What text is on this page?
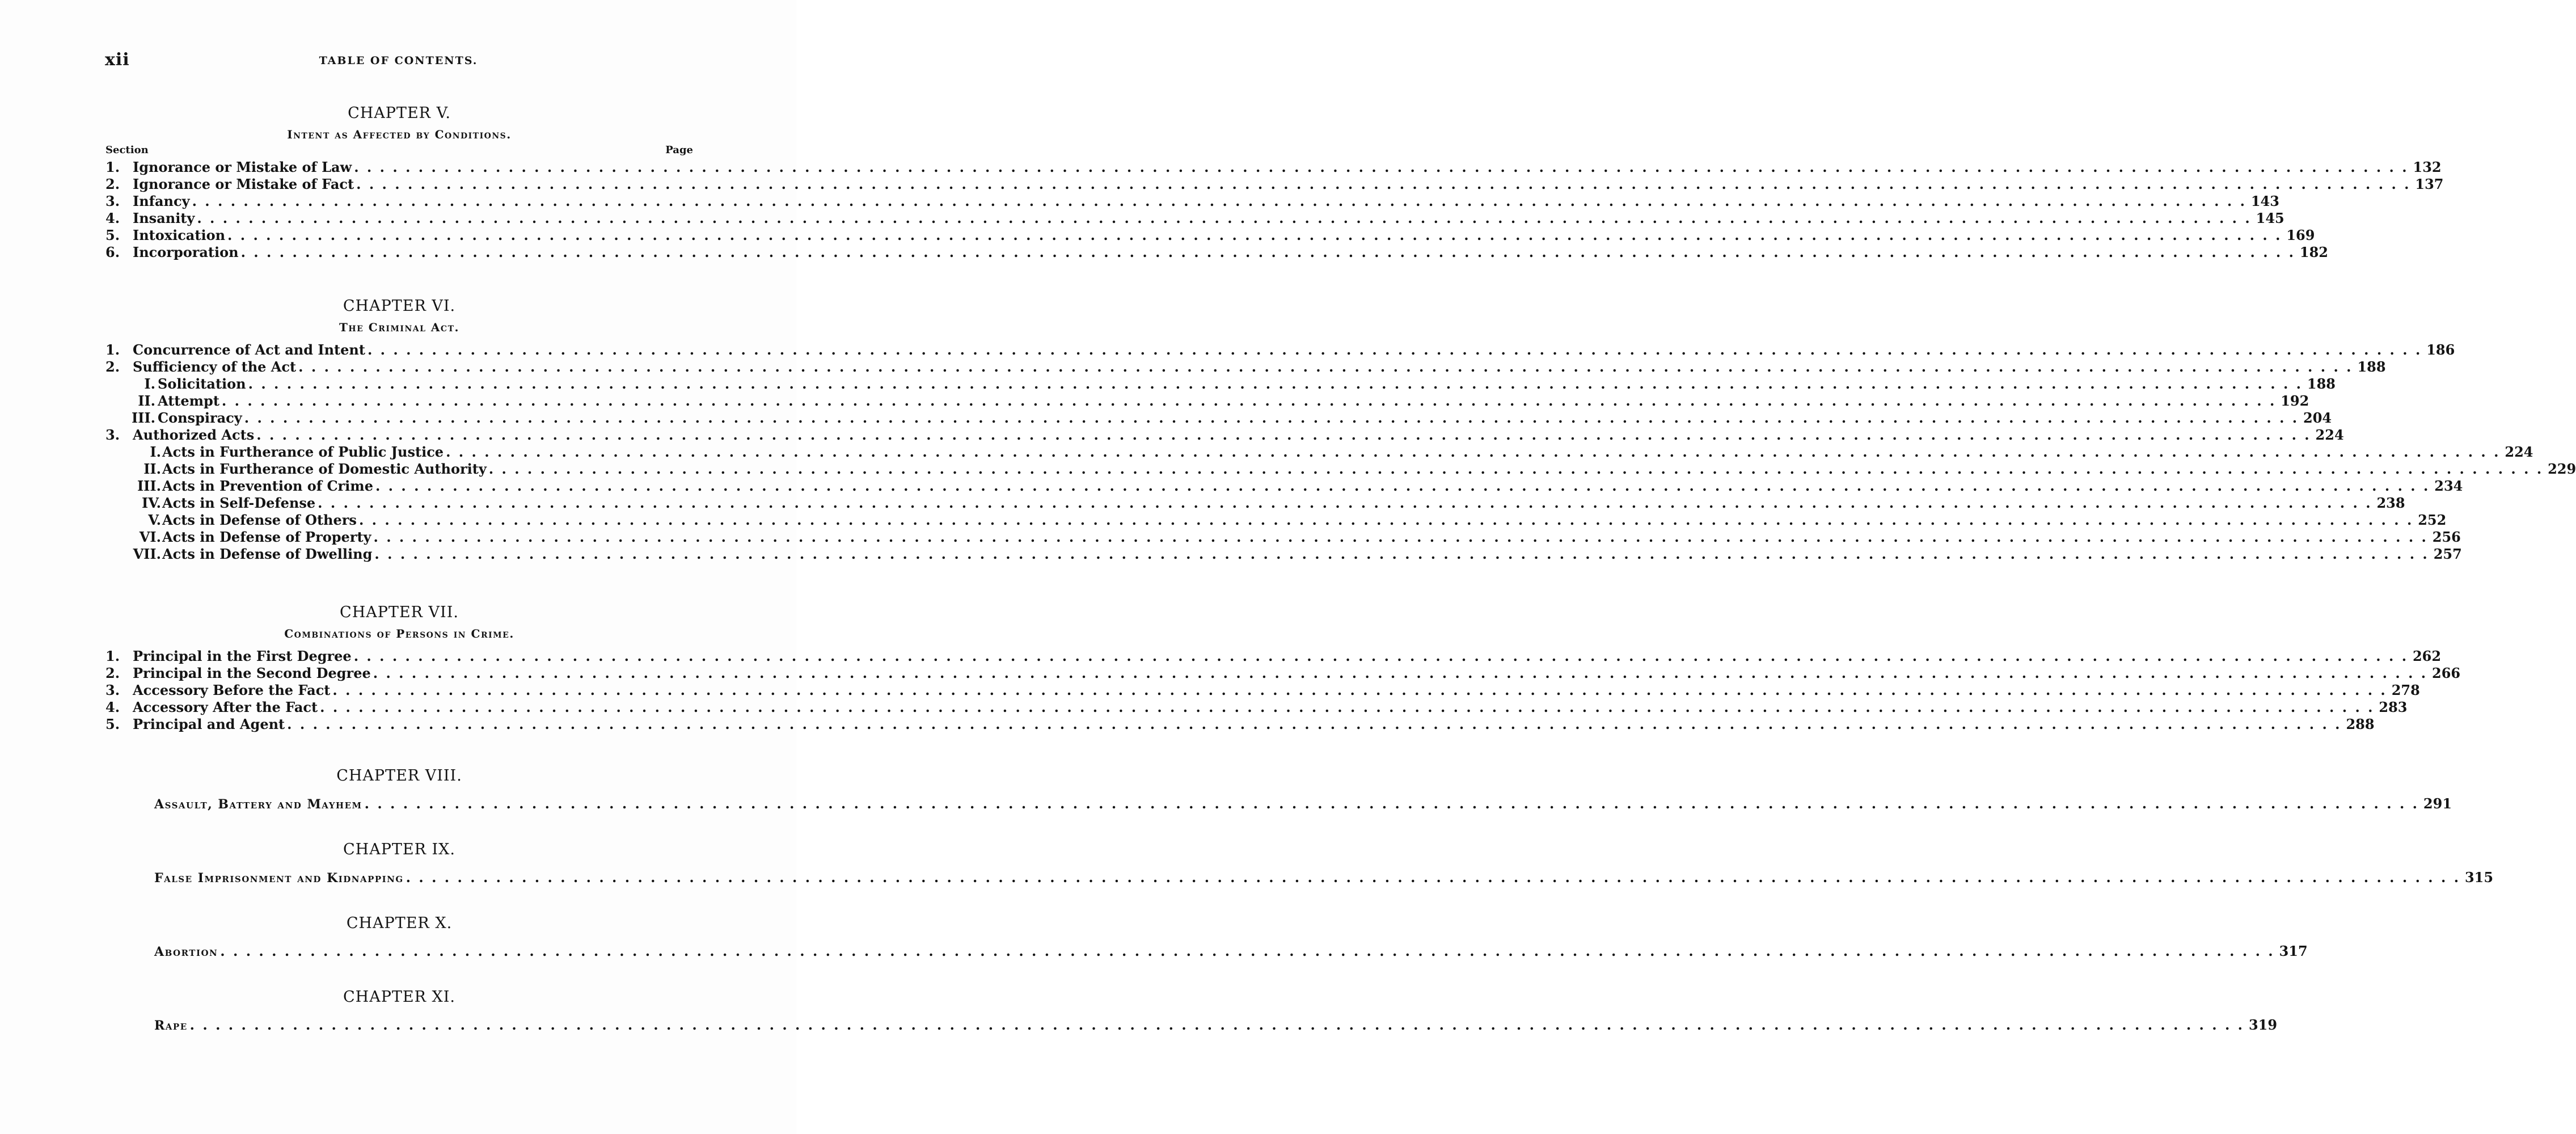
xii	TABLE OF CONTENTS.
CHAPTER V.
Intent as Affected by Conditions.
Section	Page
1. Ignorance or Mistake of Law . . .	132
2. Ignorance or Mistake of Fact . . .	137
3. Infancy . . .	143
4. Insanity . . .	145
5. Intoxication . . .	169
6. Incorporation . . .	182
CHAPTER VI.
The Criminal Act.
1. Concurrence of Act and Intent . . .	186
2. Sufficiency of the Act . . .	188
I. Solicitation . . .	188
II. Attempt . . .	192
III. Conspiracy . . .	204
3. Authorized Acts . . .	224
I. Acts in Furtherance of Public Justice . . .	224
II. Acts in Furtherance of Domestic Authority . . .	229
III. Acts in Prevention of Crime . . .	234
IV. Acts in Self-Defense . . .	238
V. Acts in Defense of Others . . .	252
VI. Acts in Defense of Property . . .	256
VII. Acts in Defense of Dwelling . . .	257
CHAPTER VII.
Combinations of Persons in Crime.
1. Principal in the First Degree . . .	262
2. Principal in the Second Degree . . .	266
3. Accessory Before the Fact . . .	278
4. Accessory After the Fact . . .	283
5. Principal and Agent . . .	288
CHAPTER VIII.
Assault, Battery and Mayhem . . .	291
CHAPTER IX.
False Imprisonment and Kidnapping . . .	315
CHAPTER X.
Abortion . . .	317
CHAPTER XI.
Rape . . .	319
